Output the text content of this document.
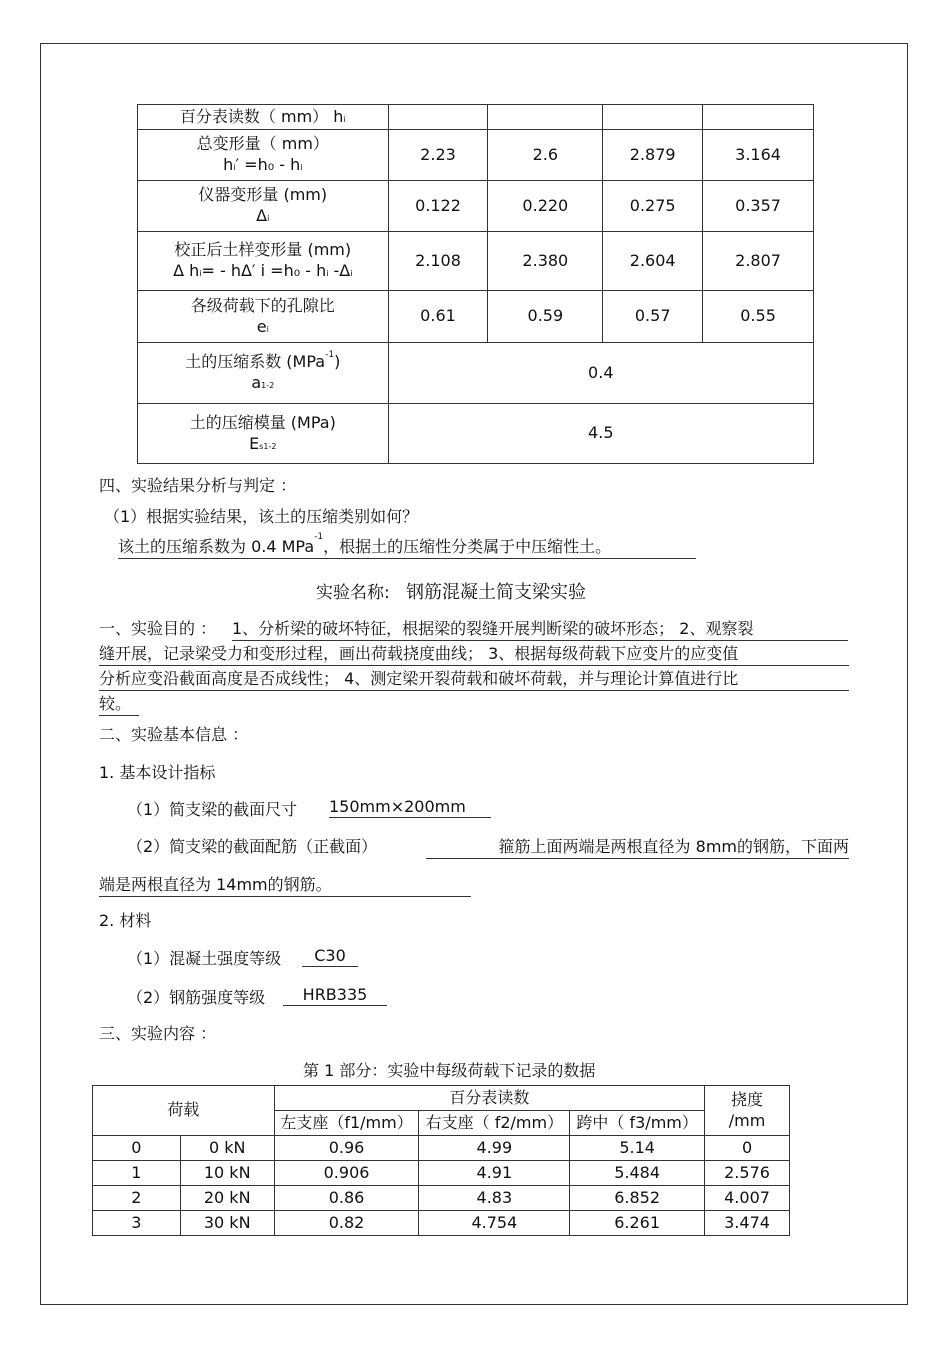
百分表读数（ mm） hi				

总变形量（ mm）
hi′ =h₀ - hi	2.23	2.6	2.879	3.164

仪器变形量 (mm)
Δi	0.122	0.220	0.275	0.357

校正后土样变形量 (mm)
Δ hi= - hΔ′ i =h₀ - hi -Δi	2.108	2.380	2.604	2.807

各级荷载下的孔隙比
ei	0.61	0.59	0.57	0.55

土的压缩系数 (MPa$^{-1}$)
a1-2	0.4			

土的压缩模量 (MPa)
Es1-2	4.5			
四、实验结果分析与判定 ：
（1）根据实验结果，该土的压缩类别如何？
该土的压缩系数为 0.4 MPa$^{-1}$，根据土的压缩性分类属于中压缩性土。
实验名称: 钢筋混凝土简支梁实验
一、实验目的 ： 1、分析梁的破坏特征，根据梁的裂缝开展判断梁的破坏形态； 2、观察裂
缝开展，记录梁受力和变形过程，画出荷载挠度曲线； 3、根据每级荷载下应变片的应变值
分析应变沿截面高度是否成线性； 4、测定梁开裂荷载和破坏荷载，并与理论计算值进行比
较。
二、实验基本信息 ：
1. 基本设计指标
（1）简支梁的截面尺寸 150mm×200mm
（2）简支梁的截面配筋（正截面）	箍筋上面两端是两根直径为 8mm的钢筋，下面两
端是两根直径为 14mm的钢筋。
2. 材料
（1）混凝土强度等级	C30
（2）钢筋强度等级	HRB335
三、实验内容 ：
第 1 部分：实验中每级荷载下记录的数据
荷载		百分表读数			挠度
/mm

		左支座（f1/mm）	右支座（ f2/mm）	跨中（ f3/mm）	
0	0 kN	0.96	4.99	5.14	0
1	10 kN	0.906	4.91	5.484	2.576
2	20 kN	0.86	4.83	6.852	4.007
3	30 kN	0.82	4.754	6.261	3.474
